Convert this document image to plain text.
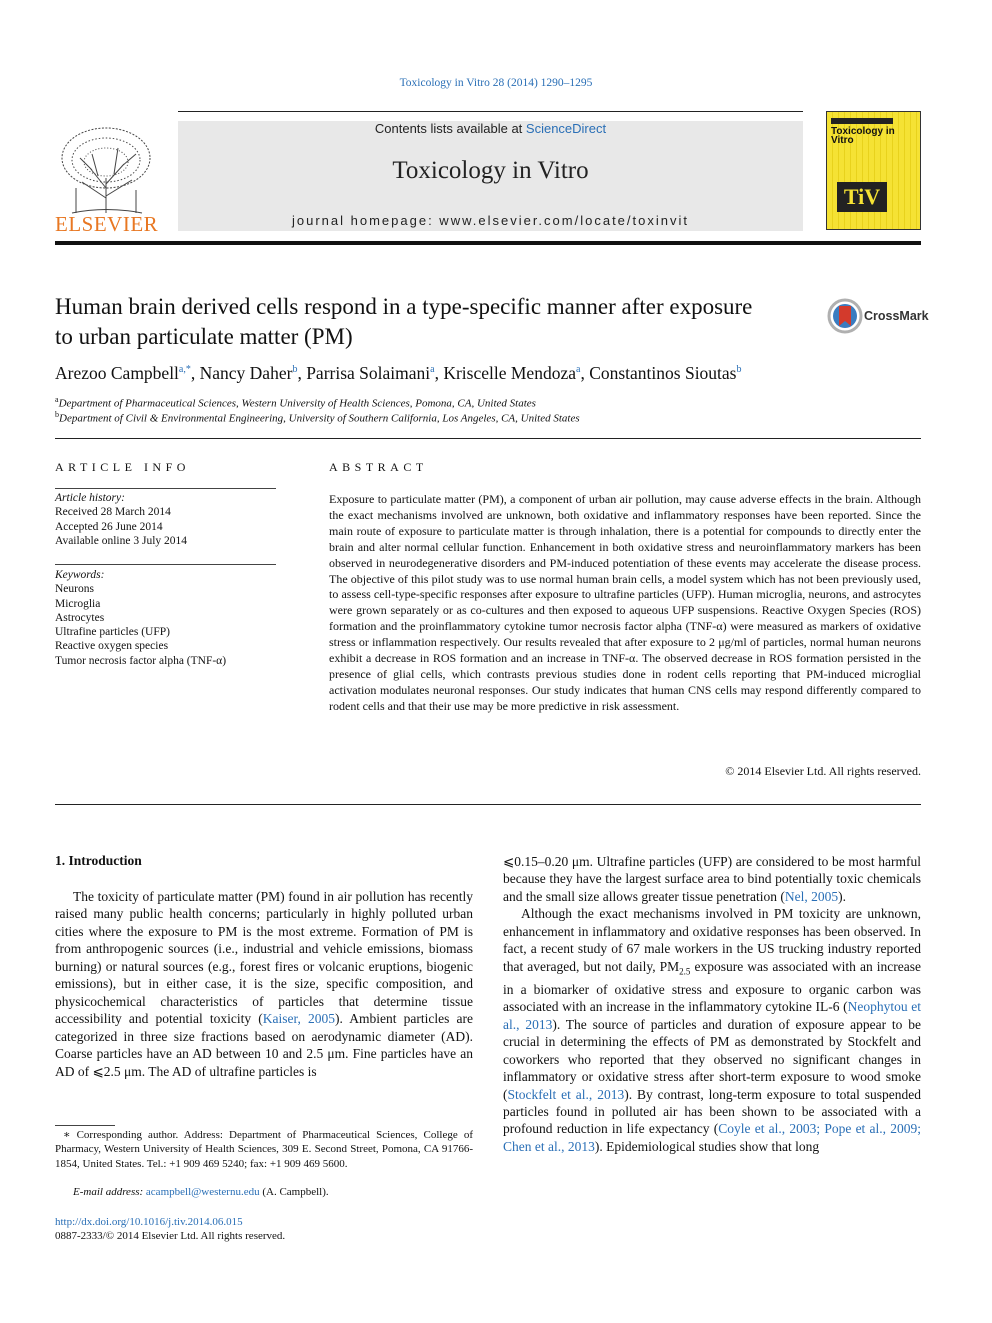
Toxicology in Vitro 28 (2014) 1290–1295
ELSEVIER
Contents lists available at ScienceDirect
Toxicology in Vitro
journal homepage: www.elsevier.com/locate/toxinvit
Toxicology in Vitro
TiV
Human brain derived cells respond in a type-specific manner after exposure to urban particulate matter (PM)
CrossMark
Arezoo Campbell$^{a,*}$, Nancy Daher$^b$, Parrisa Solaimani$^a$, Kriscelle Mendoza$^a$, Constantinos Sioutas$^b$
$^a$Department of Pharmaceutical Sciences, Western University of Health Sciences, Pomona, CA, United States
$^b$Department of Civil & Environmental Engineering, University of Southern California, Los Angeles, CA, United States
ARTICLE INFO	ABSTRACT
Article history:
Received 28 March 2014
Accepted 26 June 2014
Available online 3 July 2014
Keywords:
Neurons
Microglia
Astrocytes
Ultrafine particles (UFP)
Reactive oxygen species
Tumor necrosis factor alpha (TNF-α)
Exposure to particulate matter (PM), a component of urban air pollution, may cause adverse effects in the brain. Although the exact mechanisms involved are unknown, both oxidative and inflammatory responses have been reported. Since the main route of exposure to particulate matter is through inhalation, there is a potential for compounds to directly enter the brain and alter normal cellular function. Enhancement in both oxidative stress and neuroinflammatory markers has been observed in neurodegenerative disorders and PM-induced potentiation of these events may accelerate the disease process. The objective of this pilot study was to use normal human brain cells, a model system which has not been previously used, to assess cell-type-specific responses after exposure to ultrafine particles (UFP). Human microglia, neurons, and astrocytes were grown separately or as co-cultures and then exposed to aqueous UFP suspensions. Reactive Oxygen Species (ROS) formation and the proinflammatory cytokine tumor necrosis factor alpha (TNF-α) were measured as markers of oxidative stress or inflammation respectively. Our results revealed that after exposure to 2 μg/ml of particles, normal human neurons exhibit a decrease in ROS formation and an increase in TNF-α. The observed decrease in ROS formation persisted in the presence of glial cells, which contrasts previous studies done in rodent cells reporting that PM-induced microglial activation modulates neuronal responses. Our study indicates that human CNS cells may respond differently compared to rodent cells and that their use may be more predictive in risk assessment.
© 2014 Elsevier Ltd. All rights reserved.
1. Introduction
The toxicity of particulate matter (PM) found in air pollution has recently raised many public health concerns; particularly in highly polluted urban cities where the exposure to PM is the most extreme. Formation of PM is from anthropogenic sources (i.e., industrial and vehicle emissions, biomass burning) or natural sources (e.g., forest fires or volcanic eruptions, biogenic emissions), but in either case, it is the size, specific composition, and physicochemical characteristics of particles that determine tissue accessibility and potential toxicity (Kaiser, 2005). Ambient particles are categorized in three size fractions based on aerodynamic diameter (AD). Coarse particles have an AD between 10 and 2.5 μm. Fine particles have an AD of ⩽2.5 μm. The AD of ultrafine particles is

⩽0.15–0.20 μm. Ultrafine particles (UFP) are considered to be most harmful because they have the largest surface area to bind potentially toxic chemicals and the small size allows greater tissue penetration (Nel, 2005).

Although the exact mechanisms involved in PM toxicity are unknown, enhancement in inflammatory and oxidative responses has been observed. In fact, a recent study of 67 male workers in the US trucking industry reported that averaged, but not daily, $PM_{2.5}$ exposure was associated with an increase in a biomarker of oxidative stress and exposure to organic carbon was associated with an increase in the inflammatory cytokine IL-6 (Neophytou et al., 2013). The source of particles and duration of exposure appear to be crucial in determining the effects of PM as demonstrated by Stockfelt and coworkers who reported that they observed no significant changes in inflammatory or oxidative stress after short-term exposure to wood smoke (Stockfelt et al., 2013). By contrast, long-term exposure to total suspended particles found in polluted air has been shown to be associated with a profound reduction in life expectancy (Coyle et al., 2003; Pope et al., 2009; Chen et al., 2013). Epidemiological studies show that long

∗ Corresponding author. Address: Department of Pharmaceutical Sciences, College of Pharmacy, Western University of Health Sciences, 309 E. Second Street, Pomona, CA 91766-1854, United States. Tel.: +1 909 469 5240; fax: +1 909 469 5600.
E-mail address: acampbell@westernu.edu (A. Campbell).
http://dx.doi.org/10.1016/j.tiv.2014.06.015
0887-2333/© 2014 Elsevier Ltd. All rights reserved.
